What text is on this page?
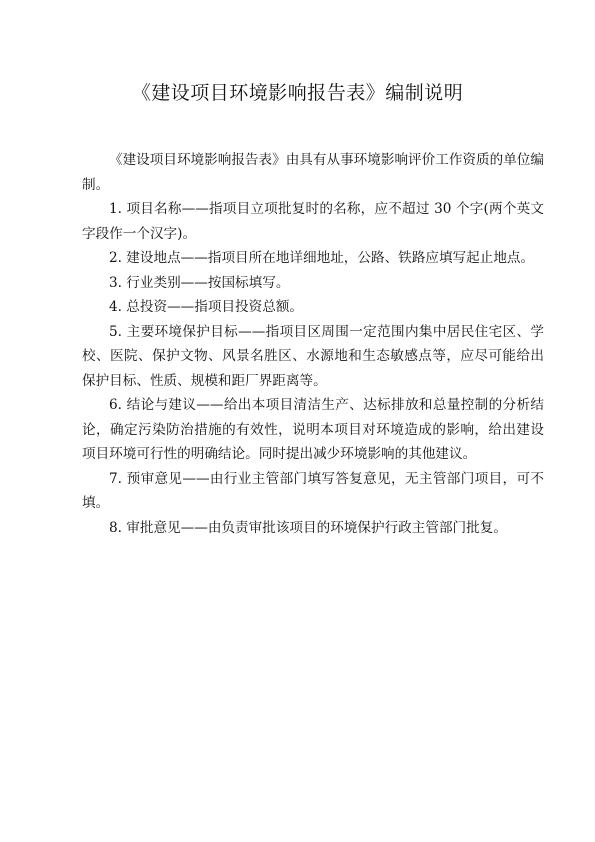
《建设项目环境影响报告表》编制说明

《建设项目环境影响报告表》由具有从事环境影响评价工作资质的单位编制。

1. 项目名称——指项目立项批复时的名称，应不超过 30 个字(两个英文字段作一个汉字)。

2. 建设地点——指项目所在地详细地址，公路、铁路应填写起止地点。

3. 行业类别——按国标填写。

4. 总投资——指项目投资总额。

5. 主要环境保护目标——指项目区周围一定范围内集中居民住宅区、学校、医院、保护文物、风景名胜区、水源地和生态敏感点等，应尽可能给出保护目标、性质、规模和距厂界距离等。

6. 结论与建议——给出本项目清洁生产、达标排放和总量控制的分析结论，确定污染防治措施的有效性，说明本项目对环境造成的影响，给出建设项目环境可行性的明确结论。同时提出减少环境影响的其他建议。

7. 预审意见——由行业主管部门填写答复意见，无主管部门项目，可不填。

8. 审批意见——由负责审批该项目的环境保护行政主管部门批复。
